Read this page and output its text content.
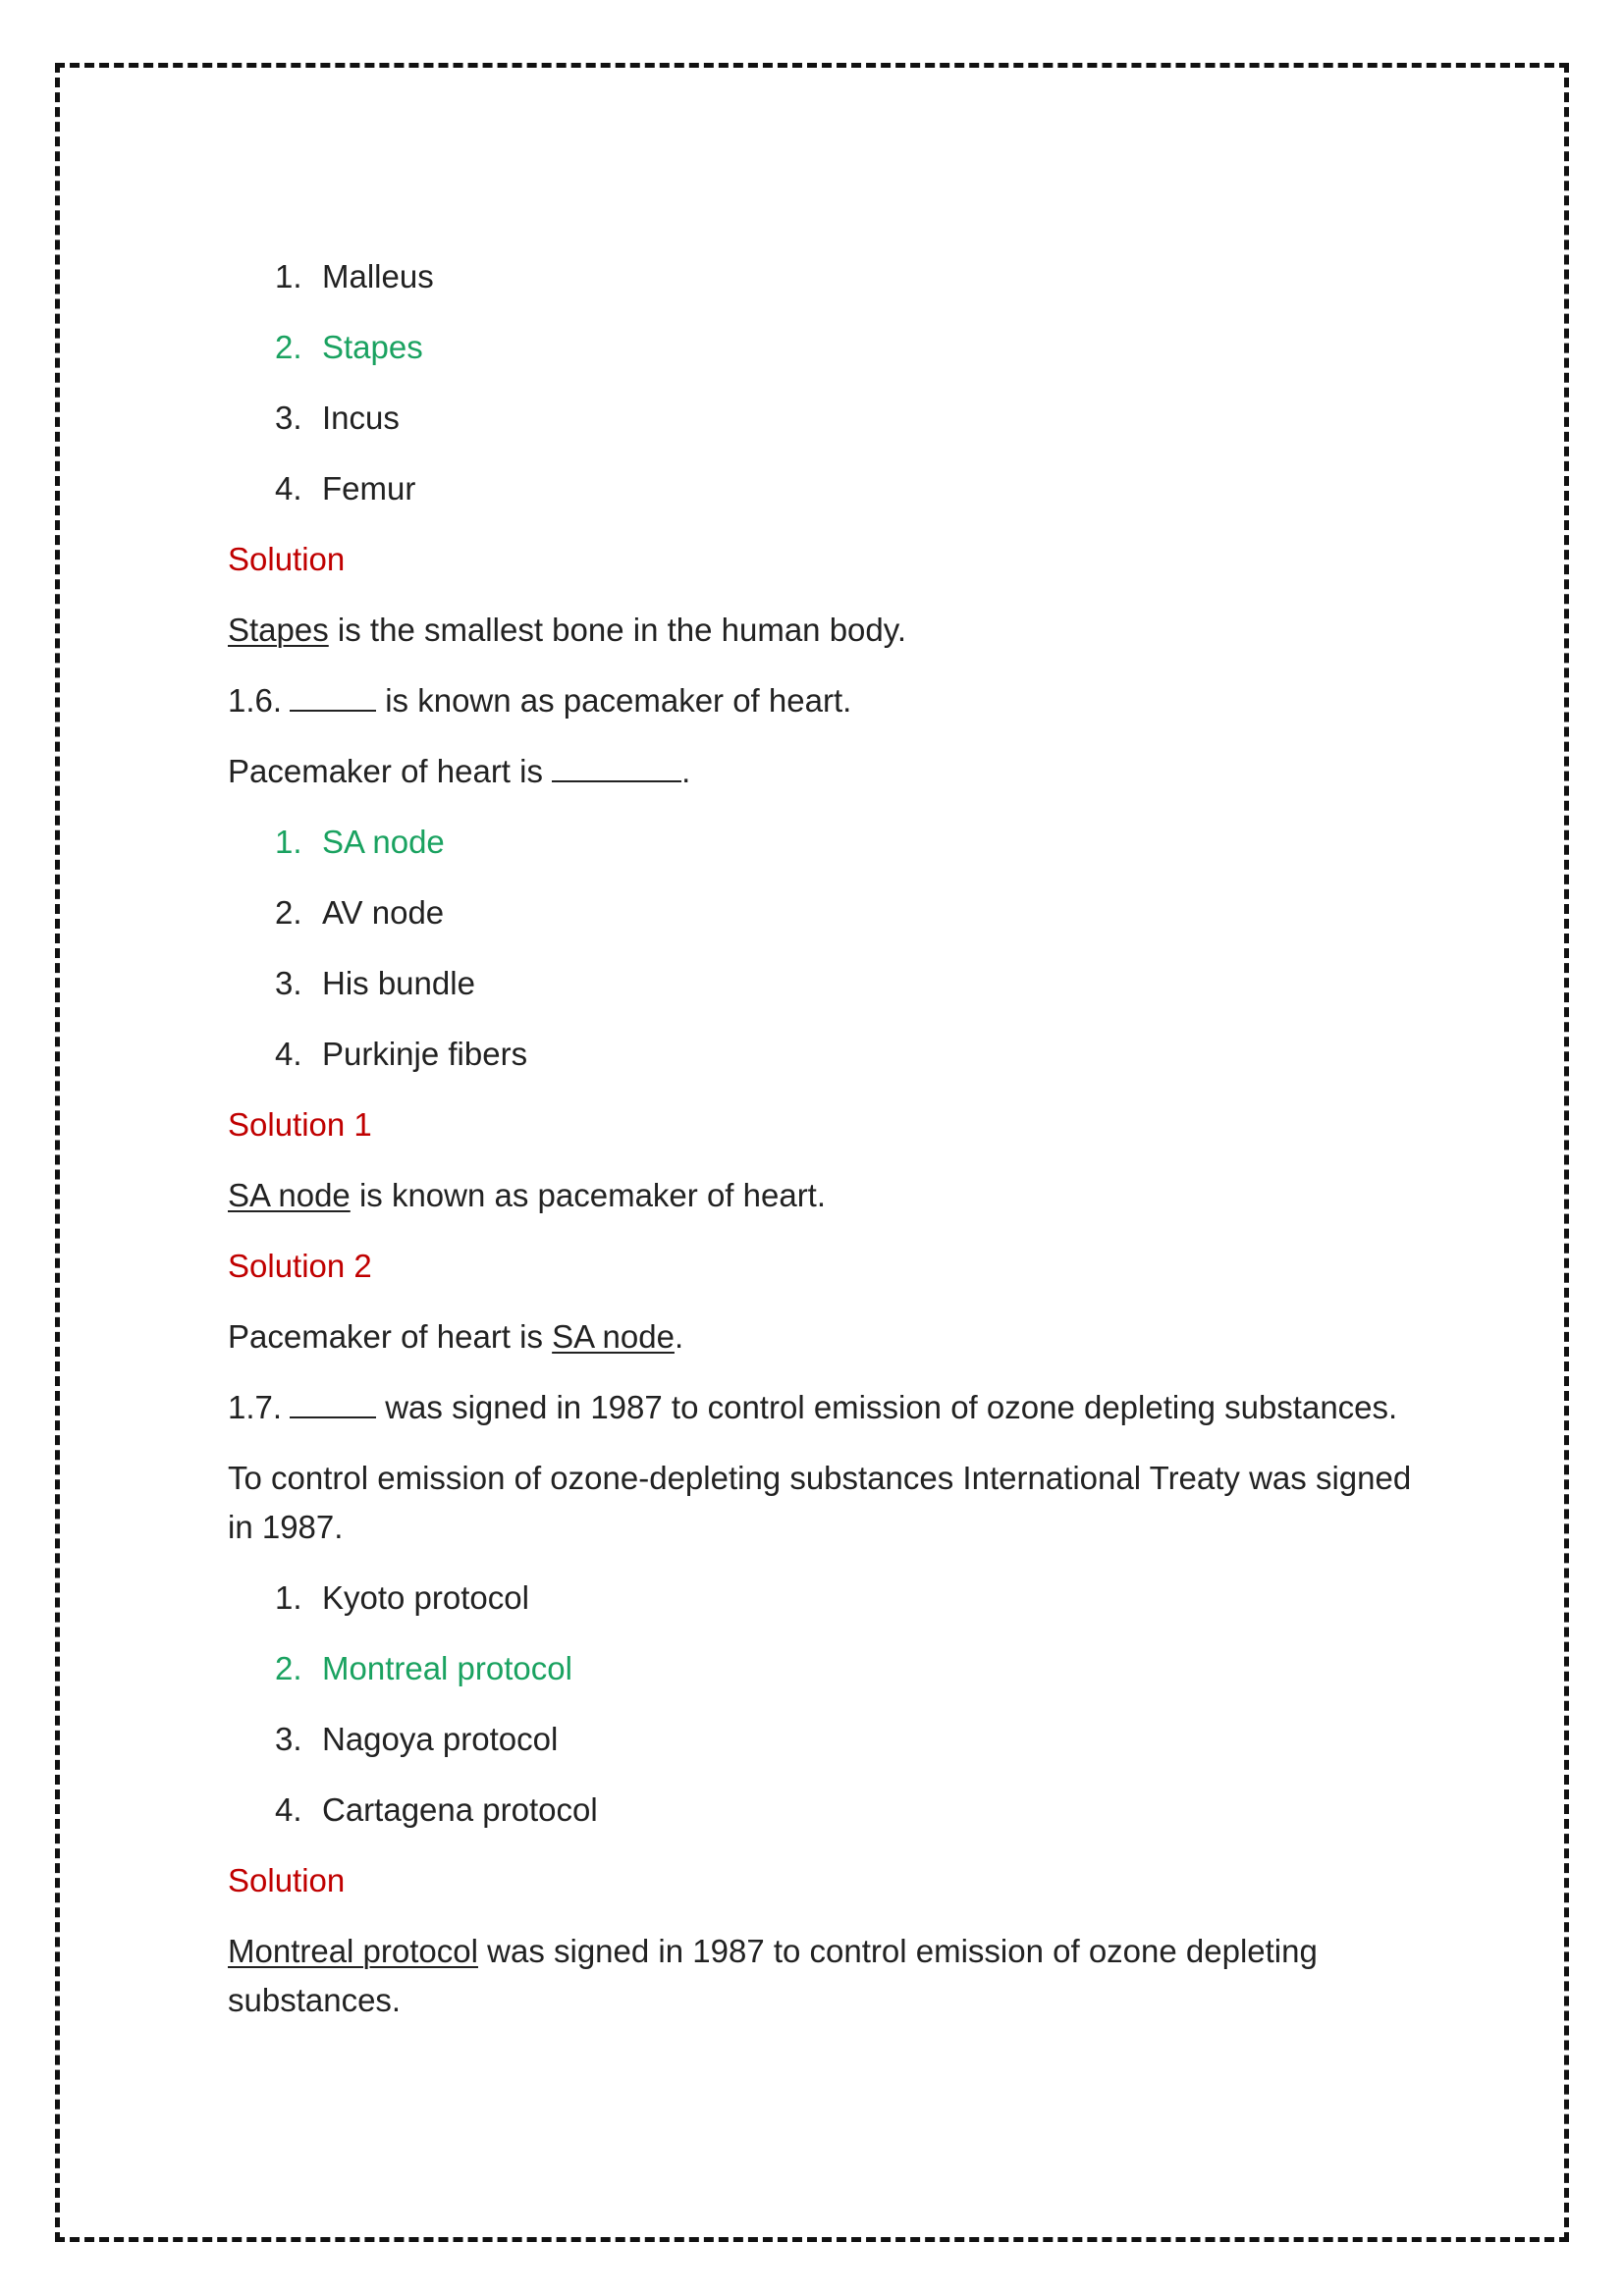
1. Malleus
2. Stapes
3. Incus
4. Femur

Solution

Stapes is the smallest bone in the human body.

1.6.	is known as pacemaker of heart.

Pacemaker of heart is	.

1. SA node
2. AV node
3. His bundle
4. Purkinje fibers

Solution 1

SA node is known as pacemaker of heart.

Solution 2

Pacemaker of heart is SA node.

1.7.	was signed in 1987 to control emission of ozone depleting substances.

To control emission of ozone-depleting substances International Treaty was signed in 1987.

1. Kyoto protocol
2. Montreal protocol
3. Nagoya protocol
4. Cartagena protocol

Solution

Montreal protocol was signed in 1987 to control emission of ozone depleting substances.
